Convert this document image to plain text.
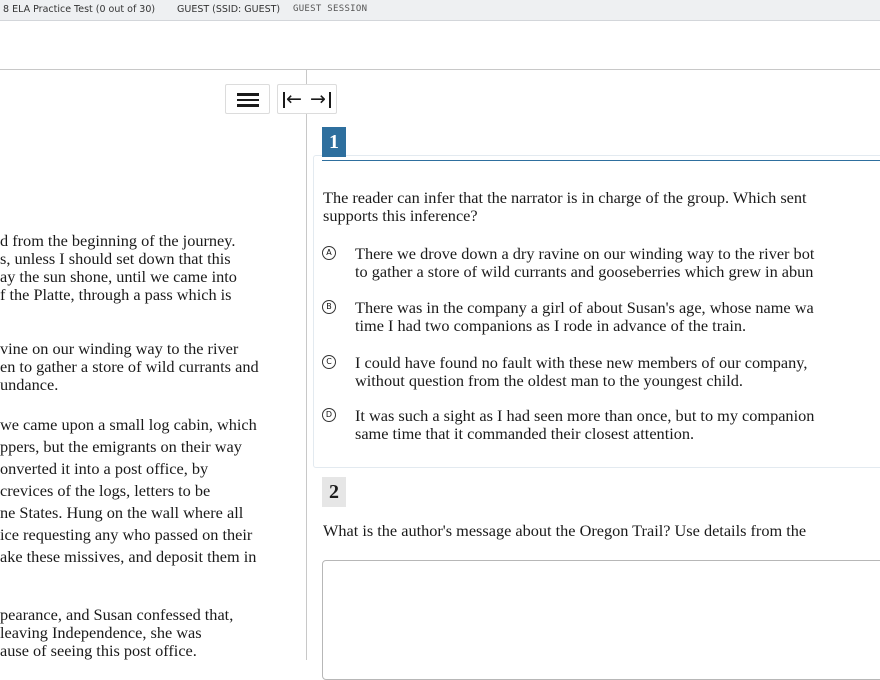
8 ELA Practice Test (0 out of 30) GUEST (SSID: GUEST) GUEST SESSION
d from the beginning of the journey.
s, unless I should set down that this
ay the sun shone, until we came into
f the Platte, through a pass which is
vine on our winding way to the river
en to gather a store of wild currants and
undance.
we came upon a small log cabin, which
ppers, but the emigrants on their way
onverted it into a post office, by
crevices of the logs, letters to be
ne States. Hung on the wall where all
ice requesting any who passed on their
ake these missives, and deposit them in
pearance, and Susan confessed that,
leaving Independence, she was
ause of seeing this post office.
← →
1
The reader can infer that the narrator is in charge of the group. Which sent
supports this inference?
A There we drove down a dry ravine on our winding way to the river bot
to gather a store of wild currants and gooseberries which grew in abun
B There was in the company a girl of about Susan's age, whose name wa
time I had two companions as I rode in advance of the train.
C I could have found no fault with these new members of our company,
without question from the oldest man to the youngest child.
D It was such a sight as I had seen more than once, but to my companion
same time that it commanded their closest attention.
2
What is the author's message about the Oregon Trail? Use details from the
